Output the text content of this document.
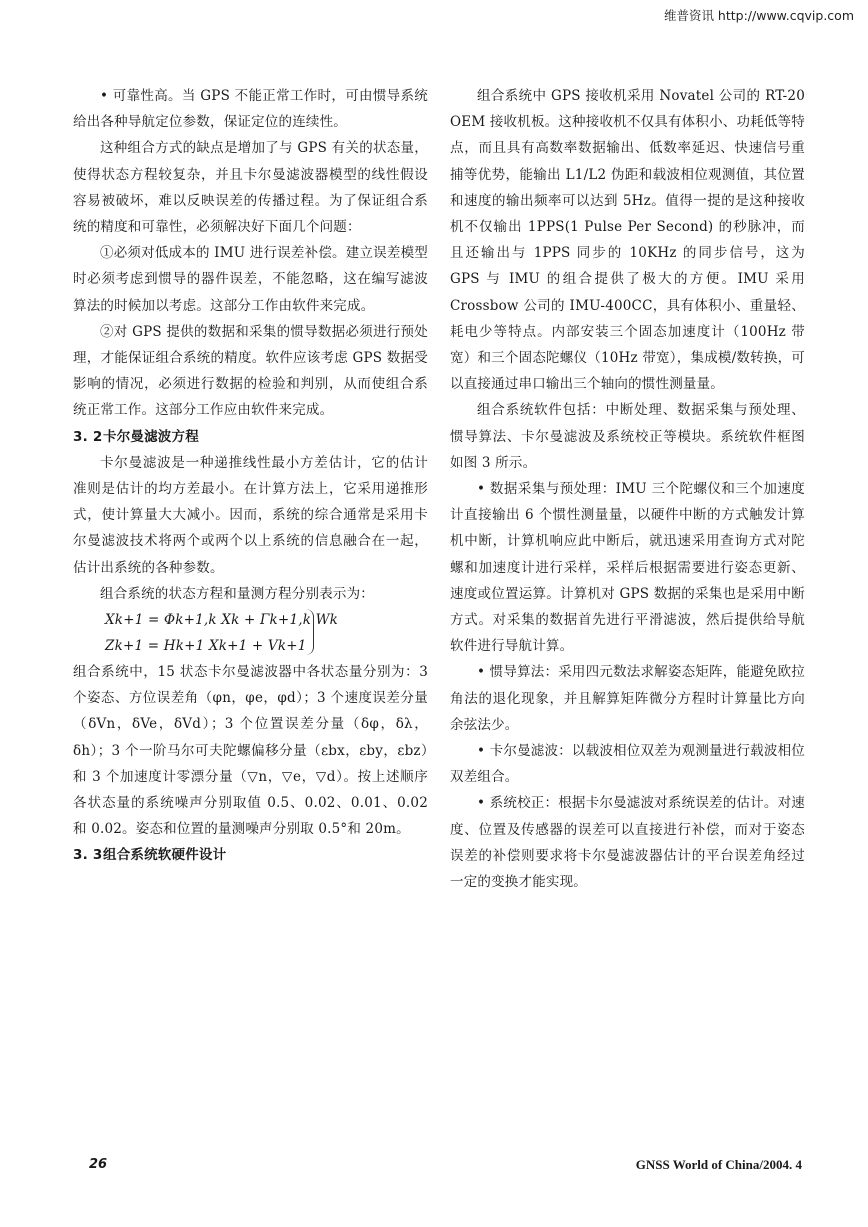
维普资讯 http://www.cqvip.com

• 可靠性高。当 GPS 不能正常工作时，可由惯导系统给出各种导航定位参数，保证定位的连续性。

这种组合方式的缺点是增加了与 GPS 有关的状态量，使得状态方程较复杂，并且卡尔曼滤波器模型的线性假设容易被破坏，难以反映误差的传播过程。为了保证组合系统的精度和可靠性，必须解决好下面几个问题：

①必须对低成本的 IMU 进行误差补偿。建立误差模型时必须考虑到惯导的器件误差，不能忽略，这在编写滤波算法的时候加以考虑。这部分工作由软件来完成。

②对 GPS 提供的数据和采集的惯导数据必须进行预处理，才能保证组合系统的精度。软件应该考虑 GPS 数据受影响的情况，必须进行数据的检验和判别，从而使组合系统正常工作。这部分工作应由软件来完成。

3. 2卡尔曼滤波方程

卡尔曼滤波是一种递推线性最小方差估计，它的估计准则是估计的均方差最小。在计算方法上，它采用递推形式，使计算量大大减小。因而，系统的综合通常是采用卡尔曼滤波技术将两个或两个以上系统的信息融合在一起，估计出系统的各种参数。

组合系统的状态方程和量测方程分别表示为：

Xk+1 = Φk+1,k Xk + Γk+1,k Wk
Zk+1 = Hk+1 Xk+1 + Vk+1

组合系统中，15 状态卡尔曼滤波器中各状态量分别为：3 个姿态、方位误差角（φn，φe，φd）；3 个速度误差分量（δVn，δVe，δVd）；3 个位置误差分量（δφ，δλ，δh）；3 个一阶马尔可夫陀螺偏移分量（εbx，εby，εbz）和 3 个加速度计零漂分量（▽n，▽e，▽d）。按上述顺序各状态量的系统噪声分别取值 0.5、0.02、0.01、0.02 和 0.02。姿态和位置的量测噪声分别取 0.5°和 20m。

3. 3组合系统软硬件设计

组合系统中 GPS 接收机采用 Novatel 公司的 RT-20 OEM 接收机板。这种接收机不仅具有体积小、功耗低等特点，而且具有高数率数据输出、低数率延迟、快速信号重捕等优势，能输出 L1/L2 伪距和载波相位观测值，其位置和速度的输出频率可以达到 5Hz。值得一提的是这种接收机不仅输出 1PPS(1 Pulse Per Second) 的秒脉冲，而且还输出与 1PPS 同步的 10KHz 的同步信号，这为 GPS 与 IMU 的组合提供了极大的方便。IMU 采用 Crossbow 公司的 IMU-400CC，具有体积小、重量轻、耗电少等特点。内部安装三个固态加速度计（100Hz 带宽）和三个固态陀螺仪（10Hz 带宽），集成模/数转换，可以直接通过串口输出三个轴向的惯性测量量。

组合系统软件包括：中断处理、数据采集与预处理、惯导算法、卡尔曼滤波及系统校正等模块。系统软件框图如图 3 所示。

• 数据采集与预处理：IMU 三个陀螺仪和三个加速度计直接输出 6 个惯性测量量，以硬件中断的方式触发计算机中断，计算机响应此中断后，就迅速采用查询方式对陀螺和加速度计进行采样，采样后根据需要进行姿态更新、速度或位置运算。计算机对 GPS 数据的采集也是采用中断方式。对采集的数据首先进行平滑滤波，然后提供给导航软件进行导航计算。

• 惯导算法：采用四元数法求解姿态矩阵，能避免欧拉角法的退化现象，并且解算矩阵微分方程时计算量比方向余弦法少。

• 卡尔曼滤波：以载波相位双差为观测量进行载波相位双差组合。

• 系统校正：根据卡尔曼滤波对系统误差的估计。对速度、位置及传感器的误差可以直接进行补偿，而对于姿态误差的补偿则要求将卡尔曼滤波器估计的平台误差角经过一定的变换才能实现。

26	GNSS World of China/2004. 4
